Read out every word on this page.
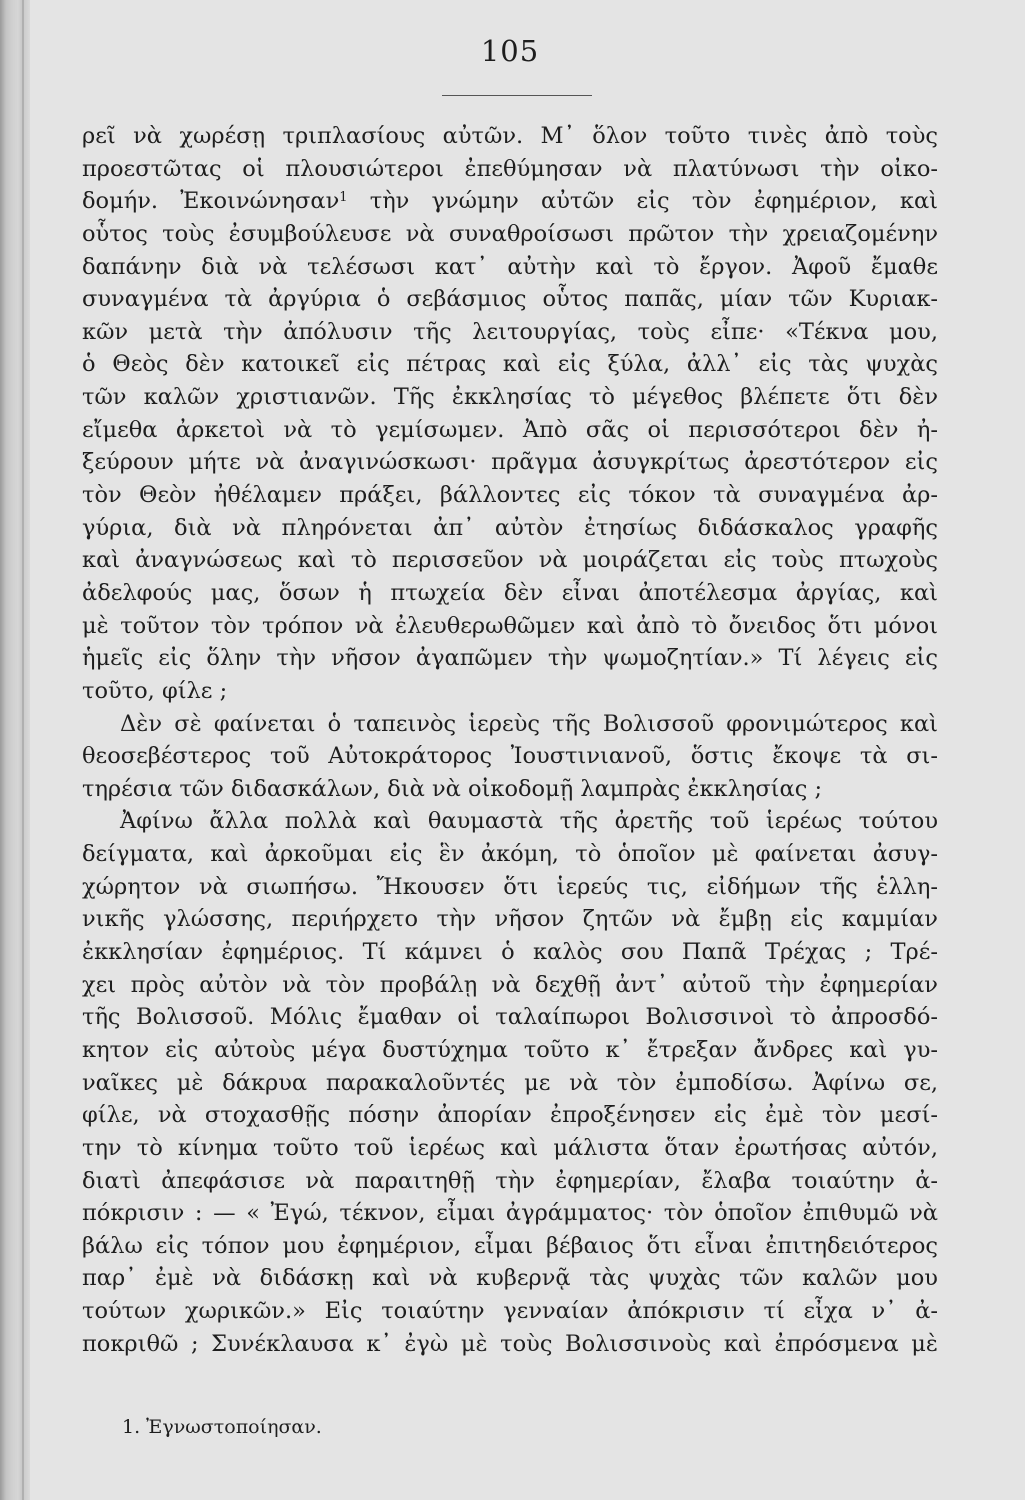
105
ρεῖ νὰ χωρέσῃ τριπλασίους αὐτῶν. Μ᾿ ὅλον τοῦτο τινὲς ἀπὸ τοὺς
προεστῶτας οἱ πλουσιώτεροι ἐπεθύμησαν νὰ πλατύνωσι τὴν οἰκο-
δομήν. Ἐκοινώνησαν$^1$ τὴν γνώμην αὐτῶν εἰς τὸν ἐφημέριον, καὶ
οὗτος τοὺς ἐσυμβούλευσε νὰ συναθροίσωσι πρῶτον τὴν χρειαζομένην
δαπάνην διὰ νὰ τελέσωσι κατ᾿ αὐτὴν καὶ τὸ ἔργον. Ἀφοῦ ἔμαθε
συναγμένα τὰ ἀργύρια ὁ σεβάσμιος οὗτος παπᾶς, μίαν τῶν Κυριακ-
κῶν μετὰ τὴν ἀπόλυσιν τῆς λειτουργίας, τοὺς εἶπε· «Τέκνα μου,
ὁ Θεὸς δὲν κατοικεῖ εἰς πέτρας καὶ εἰς ξύλα, ἀλλ᾿ εἰς τὰς ψυχὰς
τῶν καλῶν χριστιανῶν. Τῆς ἐκκλησίας τὸ μέγεθος βλέπετε ὅτι δὲν
εἴμεθα ἀρκετοὶ νὰ τὸ γεμίσωμεν. Ἀπὸ σᾶς οἱ περισσότεροι δὲν ἠ-
ξεύρουν μήτε νὰ ἀναγινώσκωσι· πρᾶγμα ἀσυγκρίτως ἀρεστότερον εἰς
τὸν Θεὸν ἠθέλαμεν πράξει, βάλλοντες εἰς τόκον τὰ συναγμένα ἀρ-
γύρια, διὰ νὰ πληρόνεται ἀπ᾿ αὐτὸν ἐτησίως διδάσκαλος γραφῆς
καὶ ἀναγνώσεως καὶ τὸ περισσεῦον νὰ μοιράζεται εἰς τοὺς πτωχοὺς
ἀδελφούς μας, ὅσων ἡ πτωχεία δὲν εἶναι ἀποτέλεσμα ἀργίας, καὶ
μὲ τοῦτον τὸν τρόπον νὰ ἐλευθερωθῶμεν καὶ ἀπὸ τὸ ὄνειδος ὅτι μόνοι
ἡμεῖς εἰς ὅλην τὴν νῆσον ἀγαπῶμεν τὴν ψωμοζητίαν.» Τί λέγεις εἰς
τοῦτο, φίλε ;
Δὲν σὲ φαίνεται ὁ ταπεινὸς ἱερεὺς τῆς Βολισσοῦ φρονιμώτερος καὶ
θεοσεβέστερος τοῦ Αὐτοκράτορος Ἰουστινιανοῦ, ὅστις ἔκοψε τὰ σι-
τηρέσια τῶν διδασκάλων, διὰ νὰ οἰκοδομῇ λαμπρὰς ἐκκλησίας ;
Ἀφίνω ἄλλα πολλὰ καὶ θαυμαστὰ τῆς ἀρετῆς τοῦ ἱερέως τούτου
δείγματα, καὶ ἀρκοῦμαι εἰς ἓν ἀκόμη, τὸ ὁποῖον μὲ φαίνεται ἀσυγ-
χώρητον νὰ σιωπήσω. Ἤκουσεν ὅτι ἱερεύς τις, εἰδήμων τῆς ἑλλη-
νικῆς γλώσσης, περιήρχετο τὴν νῆσον ζητῶν νὰ ἔμβῃ εἰς καμμίαν
ἐκκλησίαν ἐφημέριος. Τί κάμνει ὁ καλὸς σου Παπᾶ Τρέχας ; Τρέ-
χει πρὸς αὐτὸν νὰ τὸν προβάλῃ νὰ δεχθῇ ἀντ᾿ αὐτοῦ τὴν ἐφημερίαν
τῆς Βολισσοῦ. Μόλις ἔμαθαν οἱ ταλαίπωροι Βολισσινοὶ τὸ ἀπροσδό-
κητον εἰς αὐτοὺς μέγα δυστύχημα τοῦτο κ᾿ ἔτρεξαν ἄνδρες καὶ γυ-
ναῖκες μὲ δάκρυα παρακαλοῦντές με νὰ τὸν ἐμποδίσω. Ἀφίνω σε,
φίλε, νὰ στοχασθῇς πόσην ἀπορίαν ἐπροξένησεν εἰς ἐμὲ τὸν μεσί-
την τὸ κίνημα τοῦτο τοῦ ἱερέως καὶ μάλιστα ὅταν ἐρωτήσας αὐτόν,
διατὶ ἀπεφάσισε νὰ παραιτηθῇ τὴν ἐφημερίαν, ἔλαβα τοιαύτην ἀ-
πόκρισιν : — « Ἐγώ, τέκνον, εἶμαι ἀγράμματος· τὸν ὁποῖον ἐπιθυμῶ νὰ
βάλω εἰς τόπον μου ἐφημέριον, εἶμαι βέβαιος ὅτι εἶναι ἐπιτηδειότερος
παρ᾿ ἐμὲ νὰ διδάσκῃ καὶ νὰ κυβερνᾷ τὰς ψυχὰς τῶν καλῶν μου
τούτων χωρικῶν.» Εἰς τοιαύτην γενναίαν ἀπόκρισιν τί εἶχα ν᾿ ἀ-
ποκριθῶ ; Συνέκλαυσα κ᾿ ἐγὼ μὲ τοὺς Βολισσινοὺς καὶ ἐπρόσμενα μὲ
1. Ἐγνωστοποίησαν.
